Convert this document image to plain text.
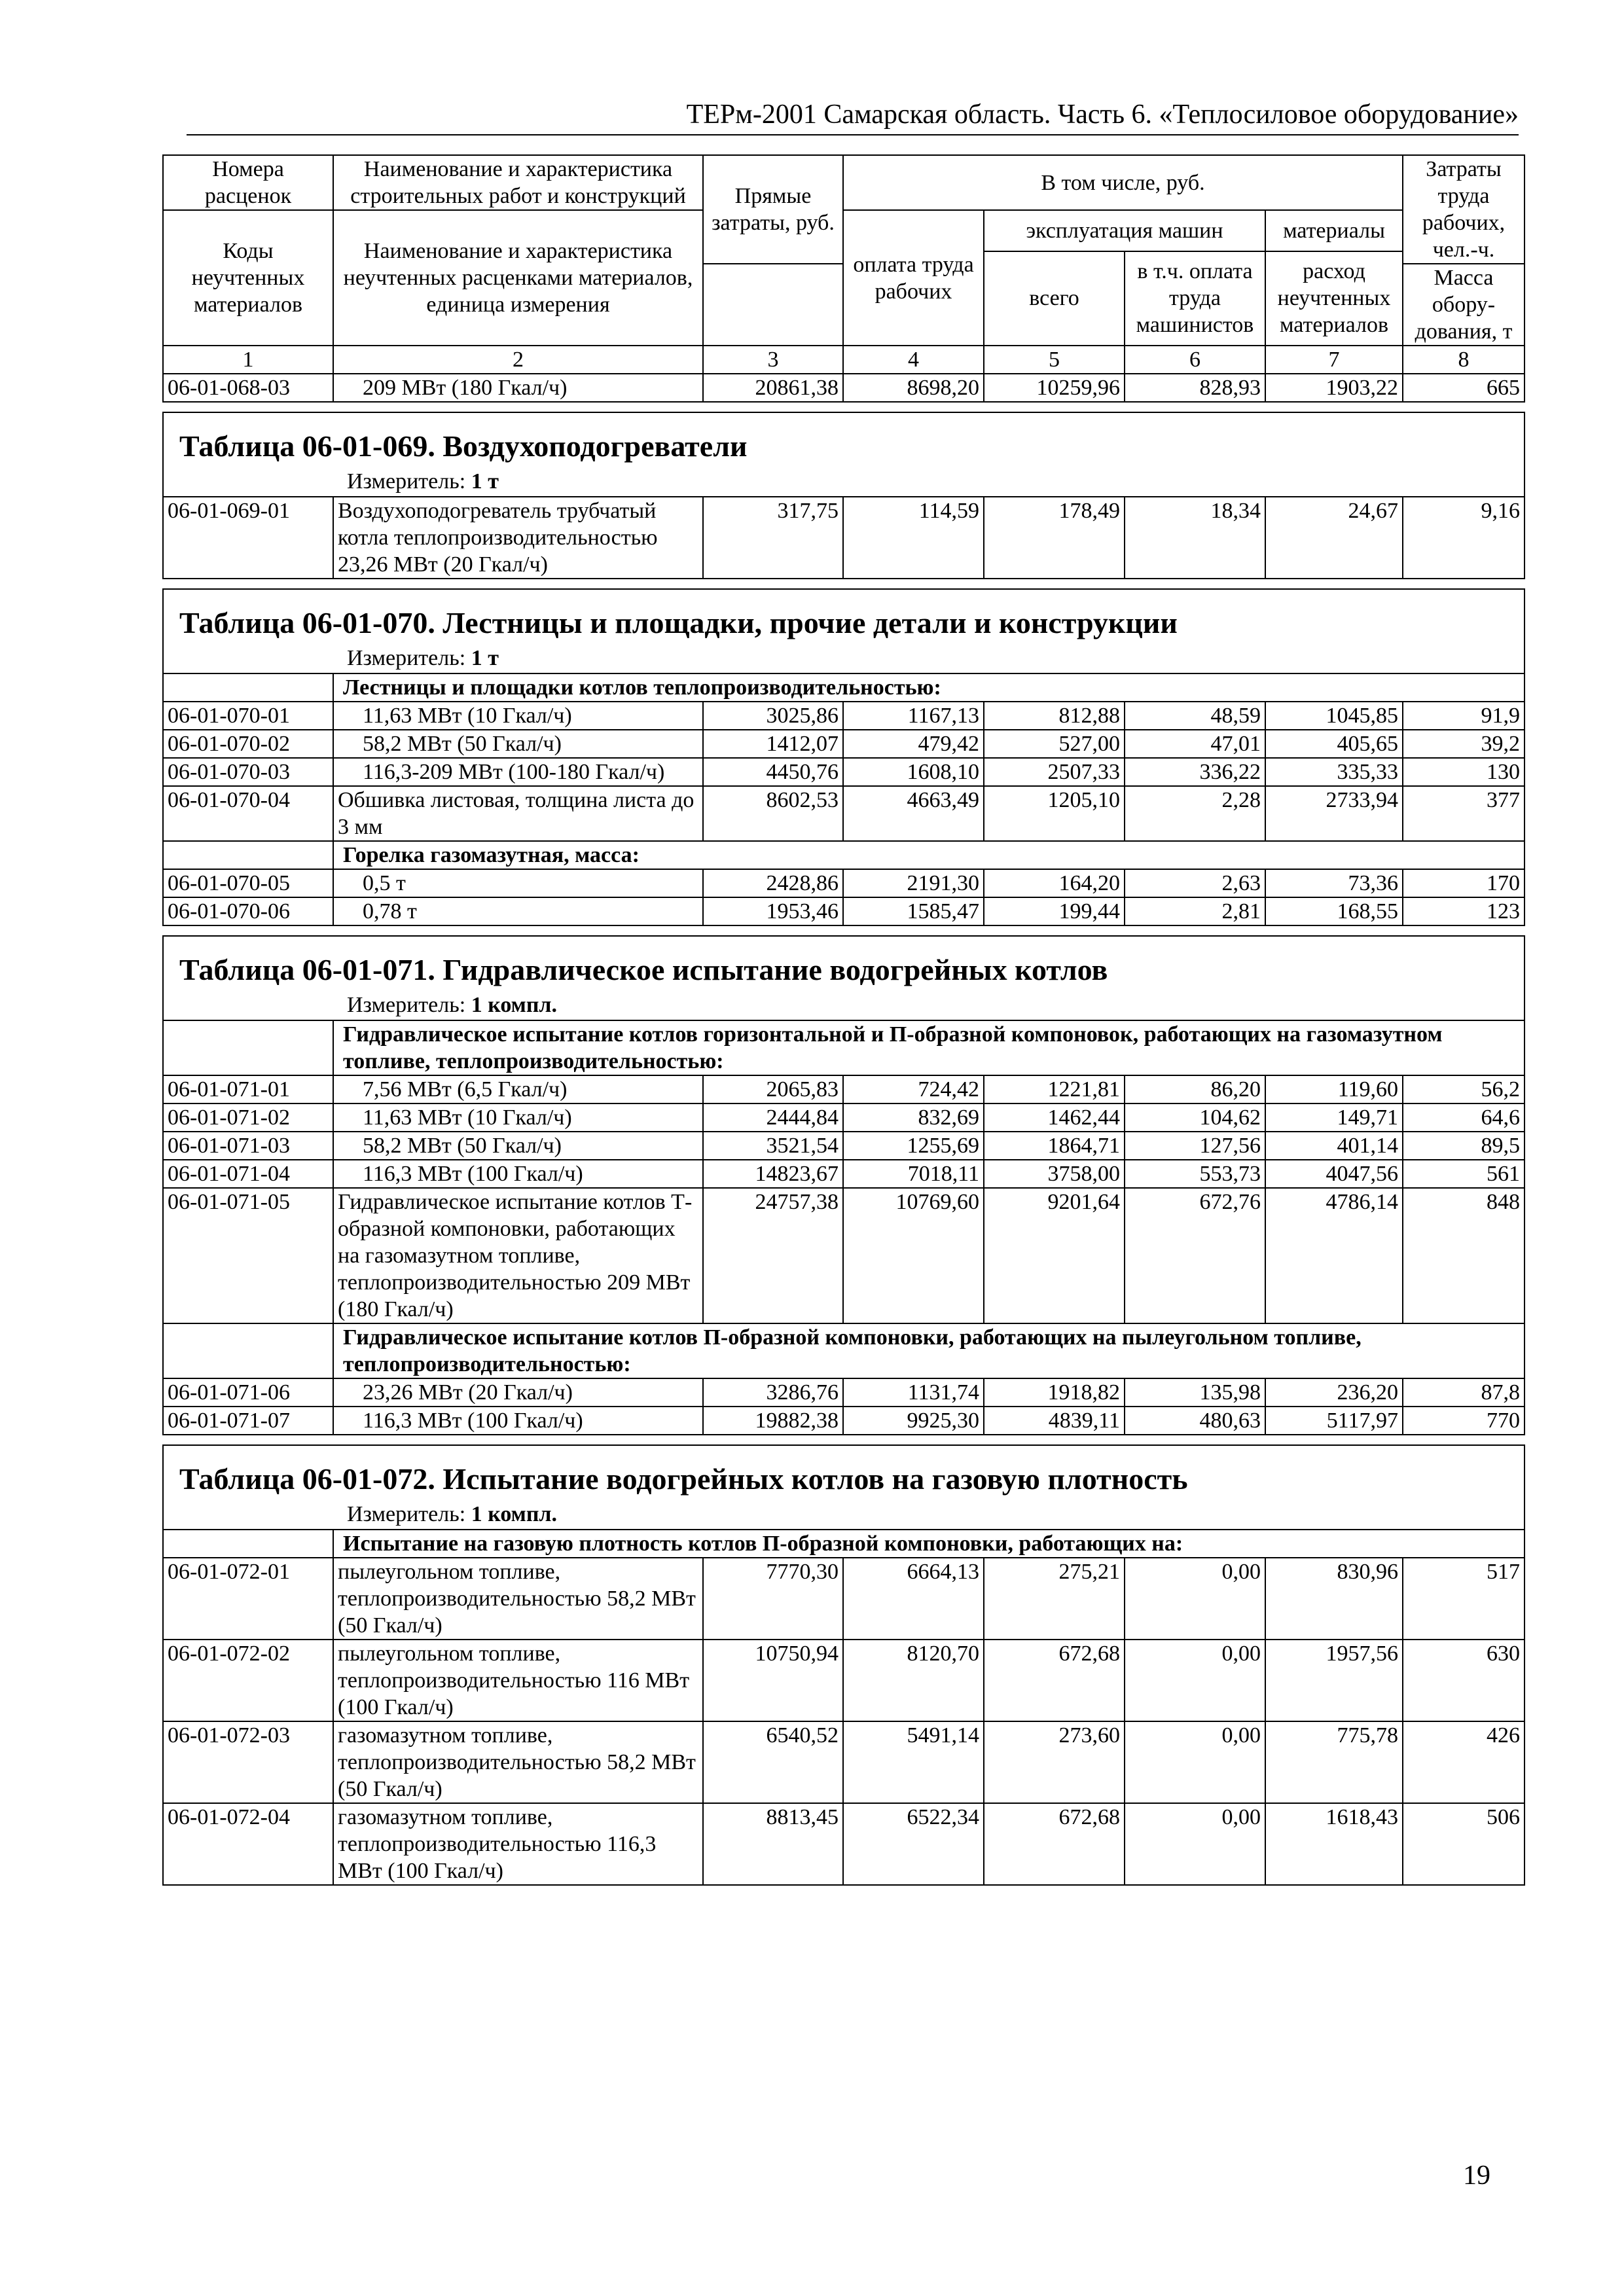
ТЕРм-2001 Самарская область. Часть 6. «Теплосиловое оборудование»
Номера расценок	Наименование и характеристика строительных работ и конструкций	Прямые затраты, руб.	В том числе, руб.				Затраты труда рабочих, чел.-ч.
Коды неучтенных материалов	Наименование и характеристика неучтенных расценками материалов, единица измерения		оплата труда рабочих	эксплуатация машин		материалы	
				всего	в т.ч. оплата труда машинистов	расход неучтенных материалов	
							Масса обору-дования, т
1	2	3	4	5	6	7	8
06-01-068-03	209 МВт (180 Гкал/ч)	20861,38	8698,20	10259,96	828,93	1903,22	665

Таблица 06-01-069. Воздухоподогреватели							
Измеритель: 1 т							
06-01-069-01	Воздухоподогреватель трубчатый котла теплопроизводительностью 23,26 МВт (20 Гкал/ч)	317,75	114,59	178,49	18,34	24,67	9,16

Таблица 06-01-070. Лестницы и площадки, прочие детали и конструкции							
Измеритель: 1 т							
	Лестницы и площадки котлов теплопроизводительностью:						
06-01-070-01	11,63 МВт (10 Гкал/ч)	3025,86	1167,13	812,88	48,59	1045,85	91,9
06-01-070-02	58,2 МВт (50 Гкал/ч)	1412,07	479,42	527,00	47,01	405,65	39,2
06-01-070-03	116,3-209 МВт (100-180 Гкал/ч)	4450,76	1608,10	2507,33	336,22	335,33	130
06-01-070-04	Обшивка листовая, толщина листа до 3 мм	8602,53	4663,49	1205,10	2,28	2733,94	377
	Горелка газомазутная, масса:						
06-01-070-05	0,5 т	2428,86	2191,30	164,20	2,63	73,36	170
06-01-070-06	0,78 т	1953,46	1585,47	199,44	2,81	168,55	123

Таблица 06-01-071. Гидравлическое испытание водогрейных котлов							
Измеритель: 1 компл.							
	Гидравлическое испытание котлов горизонтальной и П-образной компоновок, работающих на газомазутном топливе, теплопроизводительностью:						
06-01-071-01	7,56 МВт (6,5 Гкал/ч)	2065,83	724,42	1221,81	86,20	119,60	56,2
06-01-071-02	11,63 МВт (10 Гкал/ч)	2444,84	832,69	1462,44	104,62	149,71	64,6
06-01-071-03	58,2 МВт (50 Гкал/ч)	3521,54	1255,69	1864,71	127,56	401,14	89,5
06-01-071-04	116,3 МВт (100 Гкал/ч)	14823,67	7018,11	3758,00	553,73	4047,56	561
06-01-071-05	Гидравлическое испытание котлов Т-образной компоновки, работающих на газомазутном топливе, теплопроизводительностью 209 МВт (180 Гкал/ч)	24757,38	10769,60	9201,64	672,76	4786,14	848
	Гидравлическое испытание котлов П-образной компоновки, работающих на пылеугольном топливе, теплопроизводительностью:						
06-01-071-06	23,26 МВт (20 Гкал/ч)	3286,76	1131,74	1918,82	135,98	236,20	87,8
06-01-071-07	116,3 МВт (100 Гкал/ч)	19882,38	9925,30	4839,11	480,63	5117,97	770

Таблица 06-01-072. Испытание водогрейных котлов на газовую плотность							
Измеритель: 1 компл.							
	Испытание на газовую плотность котлов П-образной компоновки, работающих на:						
06-01-072-01	пылеугольном топливе, теплопроизводительностью 58,2 МВт (50 Гкал/ч)	7770,30	6664,13	275,21	0,00	830,96	517
06-01-072-02	пылеугольном топливе, теплопроизводительностью 116 МВт (100 Гкал/ч)	10750,94	8120,70	672,68	0,00	1957,56	630
06-01-072-03	газомазутном топливе, теплопроизводительностью 58,2 МВт (50 Гкал/ч)	6540,52	5491,14	273,60	0,00	775,78	426
06-01-072-04	газомазутном топливе, теплопроизводительностью 116,3 МВт (100 Гкал/ч)	8813,45	6522,34	672,68	0,00	1618,43	506
19
